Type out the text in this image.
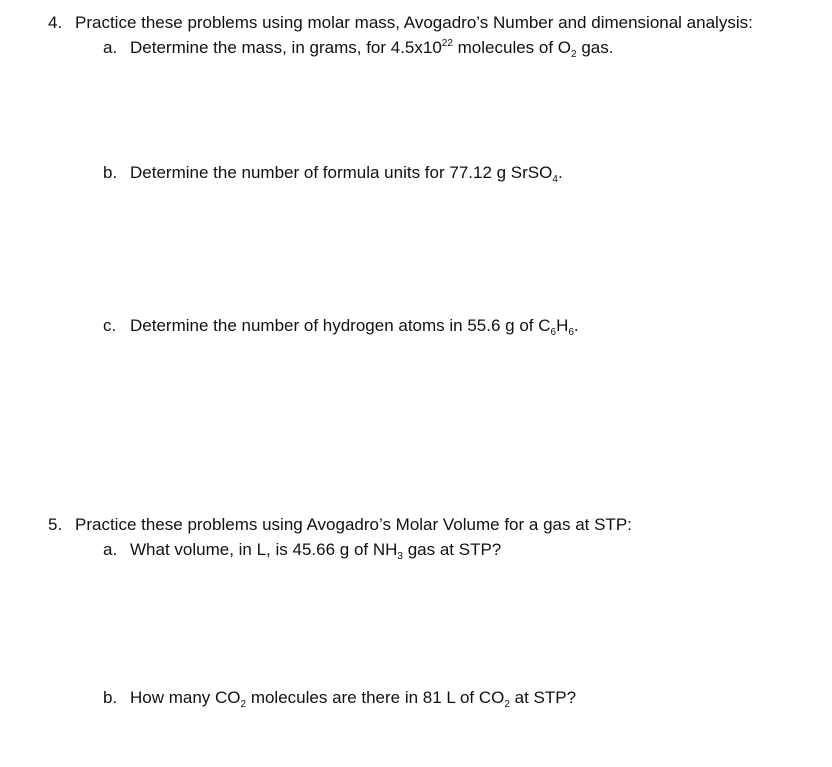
4. Practice these problems using molar mass, Avogadro’s Number and dimensional analysis:
a. Determine the mass, in grams, for $4.5x10^{22}$ molecules of $O_2$ gas.
b. Determine the number of formula units for 77.12 g SrSO$_4$.
c. Determine the number of hydrogen atoms in 55.6 g of $C_6H_6$.
5. Practice these problems using Avogadro’s Molar Volume for a gas at STP:
a. What volume, in L, is 45.66 g of $NH_3$ gas at STP?
b. How many $CO_2$ molecules are there in 81 L of $CO_2$ at STP?
